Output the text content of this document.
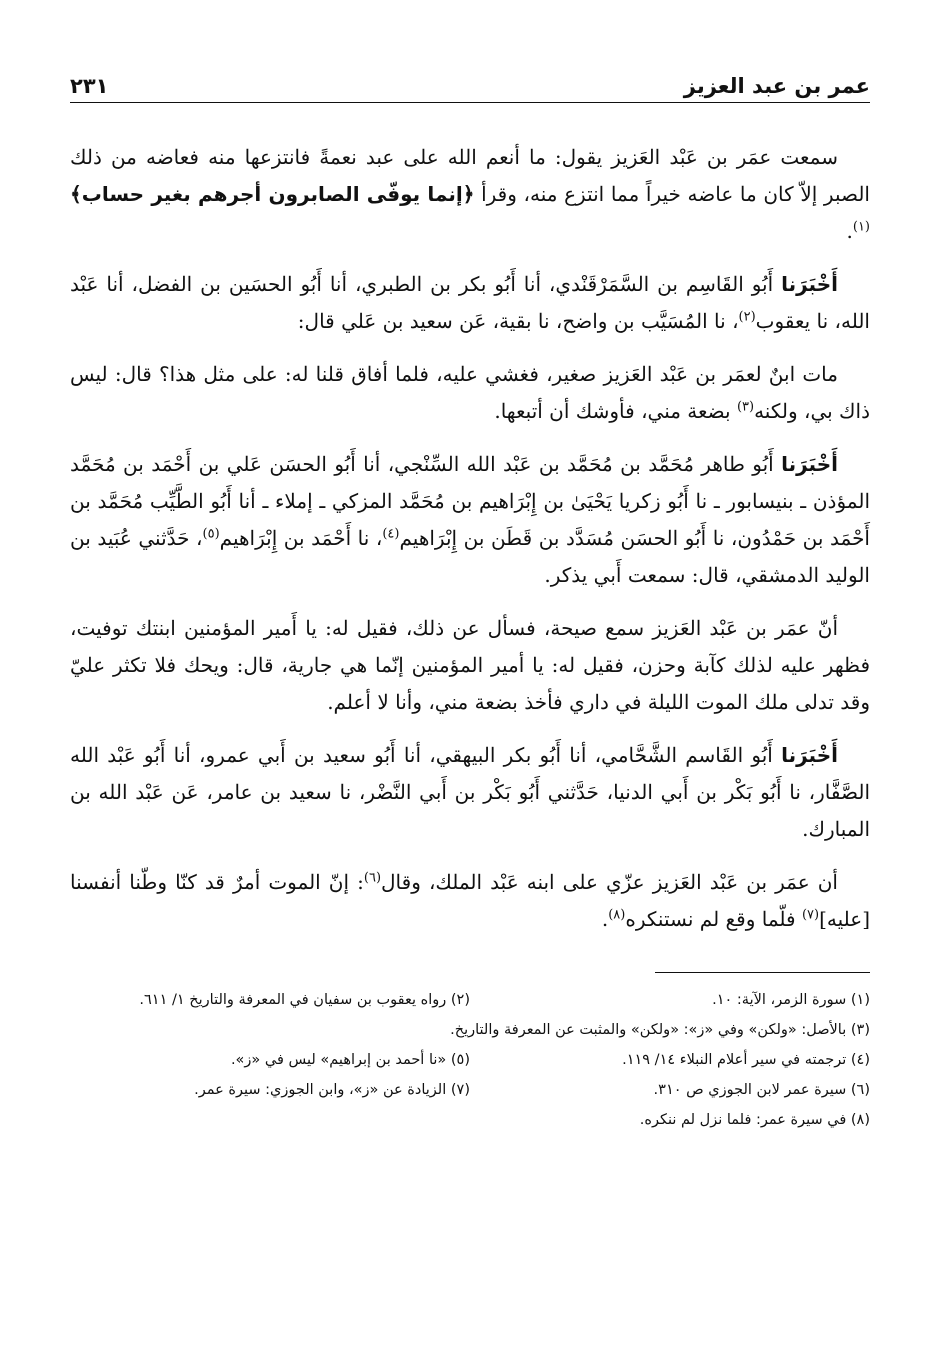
عمر بن عبد العزيز
٢٣١

سمعت عمَر بن عَبْد العَزيز يقول: ما أنعم الله على عبد نعمةً فانتزعها منه فعاضه من ذلك الصبر إلاّ كان ما عاضه خيراً مما انتزع منه، وقرأ ﴿إنما يوفّى الصابرون أجرهم بغير حساب﴾$^{(١)}$.

أَخْبَرَنا أَبُو القَاسِم بن السَّمَرْقَنْدي، أنا أَبُو بكر بن الطبري، أنا أَبُو الحسَين بن الفضل، أنا عَبْد الله، نا يعقوب$^{(٢)}$، نا المُسَيَّب بن واضح، نا بقية، عَن سعيد بن عَلي قال:

مات ابنٌ لعمَر بن عَبْد العَزيز صغير، فغشي عليه، فلما أفاق قلنا له: على مثل هذا؟ قال: ليس ذاك بي، ولكنه$^{(٣)}$ بضعة مني، فأوشك أن أتبعها.

أَخْبَرَنا أَبُو طاهر مُحَمَّد بن مُحَمَّد بن عَبْد الله السِّنْجي، أنا أَبُو الحسَن عَلي بن أَحْمَد بن مُحَمَّد المؤذن ـ بنيسابور ـ نا أَبُو زكريا يَحْيَىٰ بن إِبْرَاهيم بن مُحَمَّد المزكي ـ إملاء ـ أنا أَبُو الطَّيِّب مُحَمَّد بن أَحْمَد بن حَمْدُون، نا أَبُو الحسَن مُسَدَّد بن قَطَن بن إِبْرَاهيم$^{(٤)}$، نا أَحْمَد بن إِبْرَاهيم$^{(٥)}$، حَدَّثني عُبَيد بن الوليد الدمشقي، قال: سمعت أَبي يذكر.

أنّ عمَر بن عَبْد العَزيز سمع صيحة، فسأل عن ذلك، فقيل له: يا أَمير المؤمنين ابنتك توفيت، فظهر عليه لذلك كآبة وحزن، فقيل له: يا أمير المؤمنين إنّما هي جارية، قال: ويحك فلا تكثر عليّ وقد تدلى ملك الموت الليلة في داري فأخذ بضعة مني، وأنا لا أعلم.

أَخْبَرَنا أَبُو القَاسم الشَّحَّامي، أنا أَبُو بكر البيهقي، أنا أَبُو سعيد بن أَبي عمرو، أنا أَبُو عَبْد الله الصَّفَّار، نا أَبُو بَكْر بن أَبي الدنيا، حَدَّثني أَبُو بَكْر بن أَبي النَّضْر، نا سعيد بن عامر، عَن عَبْد الله بن المبارك.

أن عمَر بن عَبْد العَزيز عزّي على ابنه عَبْد الملك، وقال$^{(٦)}$: إنّ الموت أمرٌ قد كنّا وطّنا أنفسنا [عليه]$^{(٧)}$ فلّما وقع لم نستنكره$^{(٨)}$.

(١) سورة الزمر، الآية: ١٠.
(٢) رواه يعقوب بن سفيان في المعرفة والتاريخ ١/ ٦١١.
(٣) بالأصل: «ولكن» وفي «ز»: «ولكن» والمثبت عن المعرفة والتاريخ.
(٤) ترجمته في سير أعلام النبلاء ١٤/ ١١٩.
(٥) «نا أحمد بن إبراهيم» ليس في «ز».
(٦) سيرة عمر لابن الجوزي ص ٣١٠.
(٧) الزيادة عن «ز»، وابن الجوزي: سيرة عمر.
(٨) في سيرة عمر: فلما نزل لم ننكره.
